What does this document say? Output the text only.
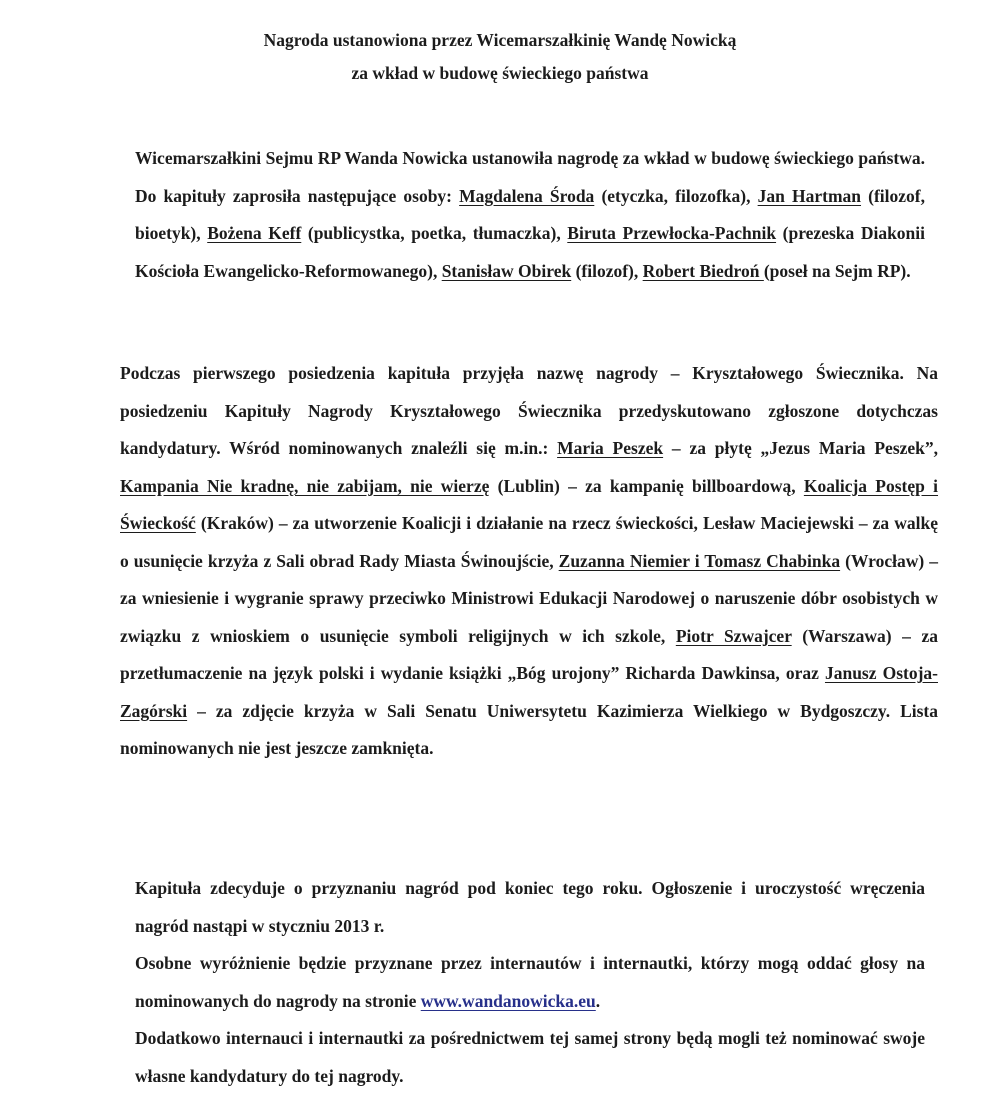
Nagroda ustanowiona przez Wicemarszałkinię Wandę Nowicką
za wkład w budowę świeckiego państwa

Wicemarszałkini Sejmu RP Wanda Nowicka ustanowiła nagrodę za wkład w budowę świeckiego państwa. Do kapituły zaprosiła następujące osoby: Magdalena Środa (etyczka, filozofka), Jan Hartman (filozof, bioetyk), Bożena Keff (publicystka, poetka, tłumaczka), Biruta Przewłocka-Pachnik (prezeska Diakonii Kościoła Ewangelicko-Reformowanego), Stanisław Obirek (filozof), Robert Biedroń (poseł na Sejm RP).

Podczas pierwszego posiedzenia kapituła przyjęła nazwę nagrody – Kryształowego Świecznika. Na posiedzeniu Kapituły Nagrody Kryształowego Świecznika przedyskutowano zgłoszone dotychczas kandydatury. Wśród nominowanych znaleźli się m.in.: Maria Peszek – za płytę „Jezus Maria Peszek”, Kampania Nie kradnę, nie zabijam, nie wierzę (Lublin) – za kampanię billboardową, Koalicja Postęp i Świeckość (Kraków) – za utworzenie Koalicji i działanie na rzecz świeckości, Lesław Maciejewski – za walkę o usunięcie krzyża z Sali obrad Rady Miasta Świnoujście, Zuzanna Niemier i Tomasz Chabinka (Wrocław) – za wniesienie i wygranie sprawy przeciwko Ministrowi Edukacji Narodowej o naruszenie dóbr osobistych w związku z wnioskiem o usunięcie symboli religijnych w ich szkole, Piotr Szwajcer (Warszawa) – za przetłumaczenie na język polski i wydanie książki „Bóg urojony” Richarda Dawkinsa, oraz Janusz Ostoja-Zagórski – za zdjęcie krzyża w Sali Senatu Uniwersytetu Kazimierza Wielkiego w Bydgoszczy. Lista nominowanych nie jest jeszcze zamknięta.

Kapituła zdecyduje o przyznaniu nagród pod koniec tego roku. Ogłoszenie i uroczystość wręczenia nagród nastąpi w styczniu 2013 r.
Osobne wyróżnienie będzie przyznane przez internautów i internautki, którzy mogą oddać głosy na nominowanych do nagrody na stronie www.wandanowicka.eu.
Dodatkowo internauci i internautki za pośrednictwem tej samej strony będą mogli też nominować swoje własne kandydatury do tej nagrody.
